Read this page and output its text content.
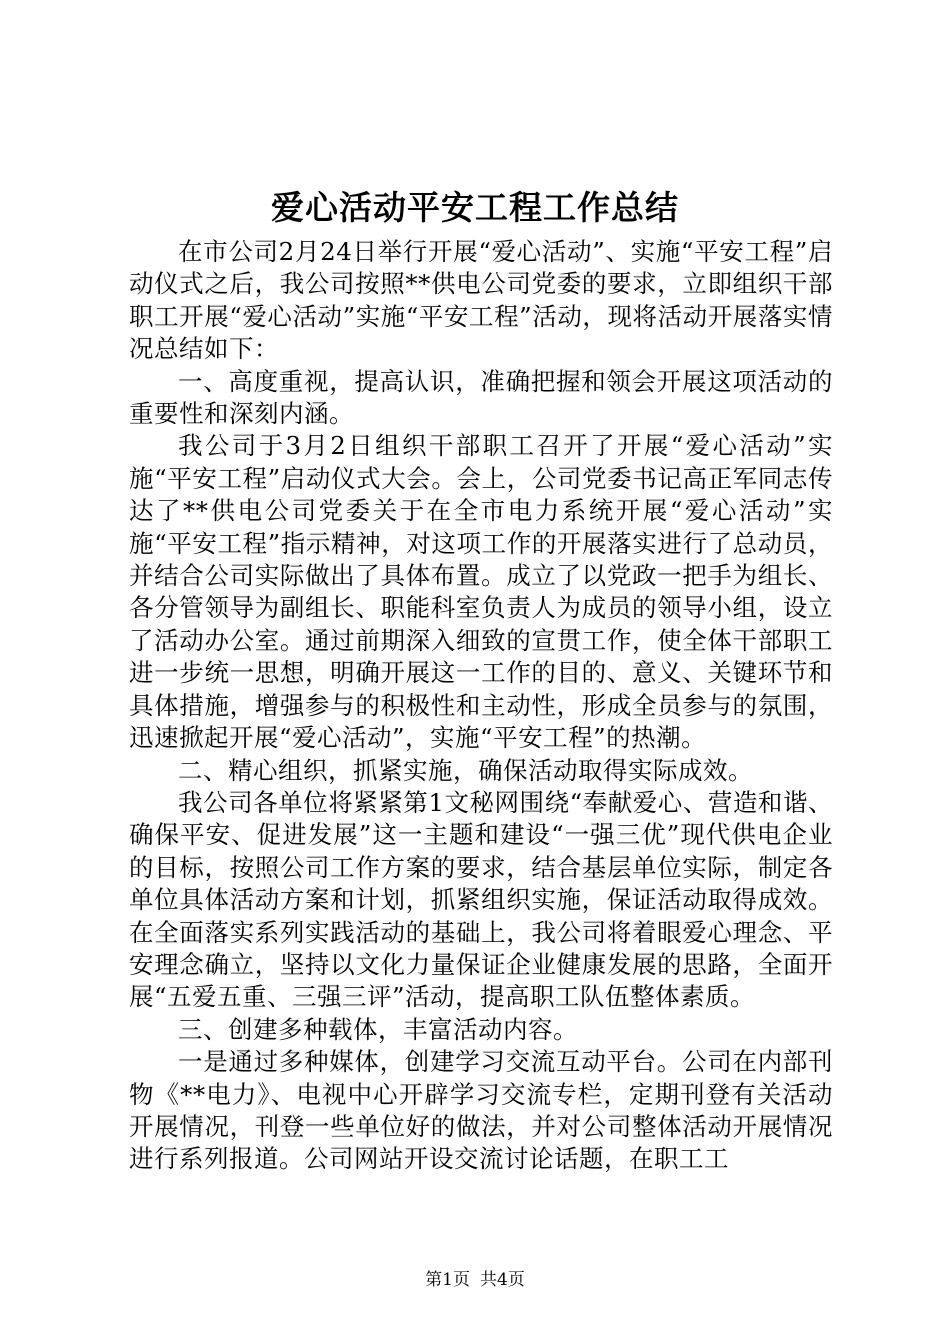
爱心活动平安工程工作总结

在市公司2月24日举行开展“爱心活动”、实施“平安工程”启动仪式之后，我公司按照**供电公司党委的要求，立即组织干部职工开展“爱心活动”实施“平安工程”活动，现将活动开展落实情况总结如下：

一、高度重视，提高认识，准确把握和领会开展这项活动的重要性和深刻内涵。

我公司于3月2日组织干部职工召开了开展“爱心活动”实施“平安工程”启动仪式大会。会上，公司党委书记高正军同志传达了**供电公司党委关于在全市电力系统开展“爱心活动”实施“平安工程”指示精神，对这项工作的开展落实进行了总动员，并结合公司实际做出了具体布置。成立了以党政一把手为组长、各分管领导为副组长、职能科室负责人为成员的领导小组，设立了活动办公室。通过前期深入细致的宣贯工作，使全体干部职工进一步统一思想，明确开展这一工作的目的、意义、关键环节和具体措施，增强参与的积极性和主动性，形成全员参与的氛围，迅速掀起开展“爱心活动”，实施“平安工程”的热潮。

二、精心组织，抓紧实施，确保活动取得实际成效。

我公司各单位将紧紧第1文秘网围绕“奉献爱心、营造和谐、确保平安、促进发展”这一主题和建设“一强三优”现代供电企业的目标，按照公司工作方案的要求，结合基层单位实际，制定各单位具体活动方案和计划，抓紧组织实施，保证活动取得成效。在全面落实系列实践活动的基础上，我公司将着眼爱心理念、平安理念确立，坚持以文化力量保证企业健康发展的思路，全面开展“五爱五重、三强三评”活动，提高职工队伍整体素质。

三、创建多种载体，丰富活动内容。

一是通过多种媒体，创建学习交流互动平台。公司在内部刊物《**电力》、电视中心开辟学习交流专栏，定期刊登有关活动开展情况，刊登一些单位好的做法，并对公司整体活动开展情况进行系列报道。公司网站开设交流讨论话题，在职工工

第1页 共4页
